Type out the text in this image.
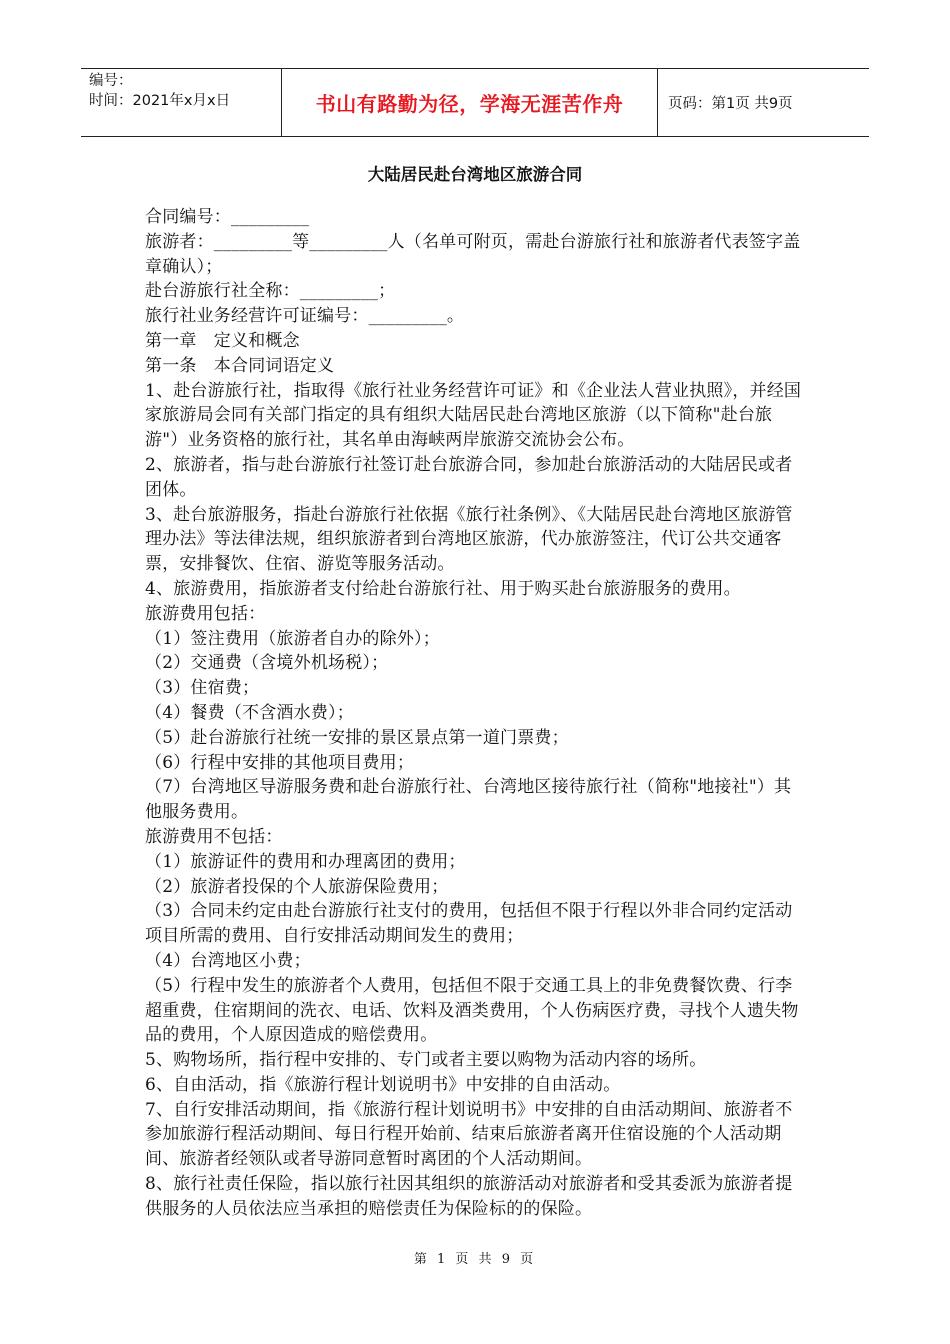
编号：
时间：2021年x月x日	书山有路勤为径，学海无涯苦作舟	页码：第1页 共9页
大陆居民赴台湾地区旅游合同

合同编号：_________

旅游者：_________等_________人（名单可附页，需赴台游旅行社和旅游者代表签字盖章确认）；

赴台游旅行社全称：_________；

旅行社业务经营许可证编号：_________。

第一章　定义和概念

第一条　本合同词语定义

1、赴台游旅行社，指取得《旅行社业务经营许可证》和《企业法人营业执照》，并经国家旅游局会同有关部门指定的具有组织大陆居民赴台湾地区旅游（以下简称"赴台旅游"）业务资格的旅行社，其名单由海峡两岸旅游交流协会公布。

2、旅游者，指与赴台游旅行社签订赴台旅游合同，参加赴台旅游活动的大陆居民或者团体。

3、赴台旅游服务，指赴台游旅行社依据《旅行社条例》、《大陆居民赴台湾地区旅游管理办法》等法律法规，组织旅游者到台湾地区旅游，代办旅游签注，代订公共交通客票，安排餐饮、住宿、游览等服务活动。

4、旅游费用，指旅游者支付给赴台游旅行社、用于购买赴台旅游服务的费用。

旅游费用包括：

（1）签注费用（旅游者自办的除外）；

（2）交通费（含境外机场税）；

（3）住宿费；

（4）餐费（不含酒水费）；

（5）赴台游旅行社统一安排的景区景点第一道门票费；

（6）行程中安排的其他项目费用；

（7）台湾地区导游服务费和赴台游旅行社、台湾地区接待旅行社（简称"地接社"）其他服务费用。

旅游费用不包括：

（1）旅游证件的费用和办理离团的费用；

（2）旅游者投保的个人旅游保险费用；

（3）合同未约定由赴台游旅行社支付的费用，包括但不限于行程以外非合同约定活动项目所需的费用、自行安排活动期间发生的费用；

（4）台湾地区小费；

（5）行程中发生的旅游者个人费用，包括但不限于交通工具上的非免费餐饮费、行李超重费，住宿期间的洗衣、电话、饮料及酒类费用，个人伤病医疗费，寻找个人遗失物品的费用，个人原因造成的赔偿费用。

5、购物场所，指行程中安排的、专门或者主要以购物为活动内容的场所。

6、自由活动，指《旅游行程计划说明书》中安排的自由活动。

7、自行安排活动期间，指《旅游行程计划说明书》中安排的自由活动期间、旅游者不参加旅游行程活动期间、每日行程开始前、结束后旅游者离开住宿设施的个人活动期间、旅游者经领队或者导游同意暂时离团的个人活动期间。

8、旅行社责任保险，指以旅行社因其组织的旅游活动对旅游者和受其委派为旅游者提供服务的人员依法应当承担的赔偿责任为保险标的的保险。

第 1 页 共 9 页
